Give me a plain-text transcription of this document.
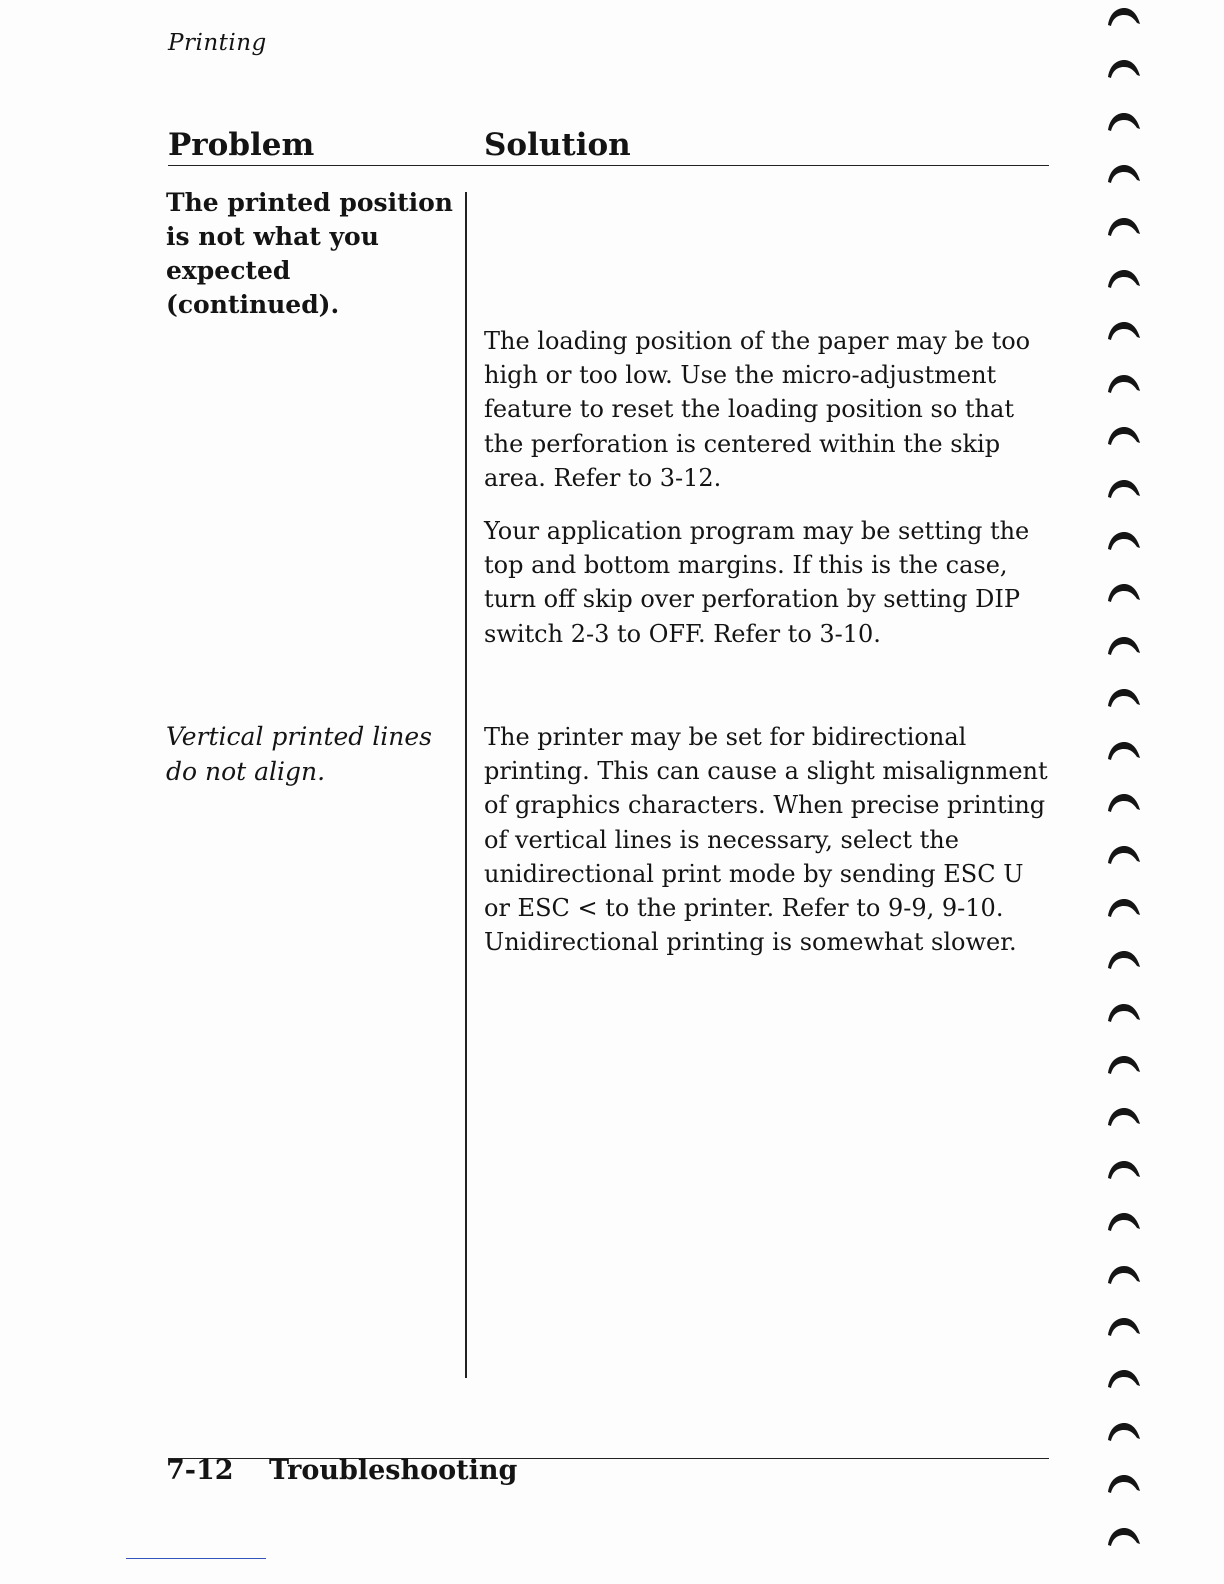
Printing
Problem	Solution
The printed position is not what you expected (continued).

The loading position of the paper may be too high or too low. Use the micro-adjustment feature to reset the loading position so that the perforation is centered within the skip area. Refer to 3-12.

Your application program may be setting the top and bottom margins. If this is the case, turn off skip over perforation by setting DIP switch 2-3 to OFF. Refer to 3-10.

Vertical printed lines do not align.

The printer may be set for bidirectional printing. This can cause a slight misalignment of graphics characters. When precise printing of vertical lines is necessary, select the unidirectional print mode by sending ESC U or ESC < to the printer. Refer to 9-9, 9-10. Unidirectional printing is somewhat slower.

7-12 Troubleshooting
